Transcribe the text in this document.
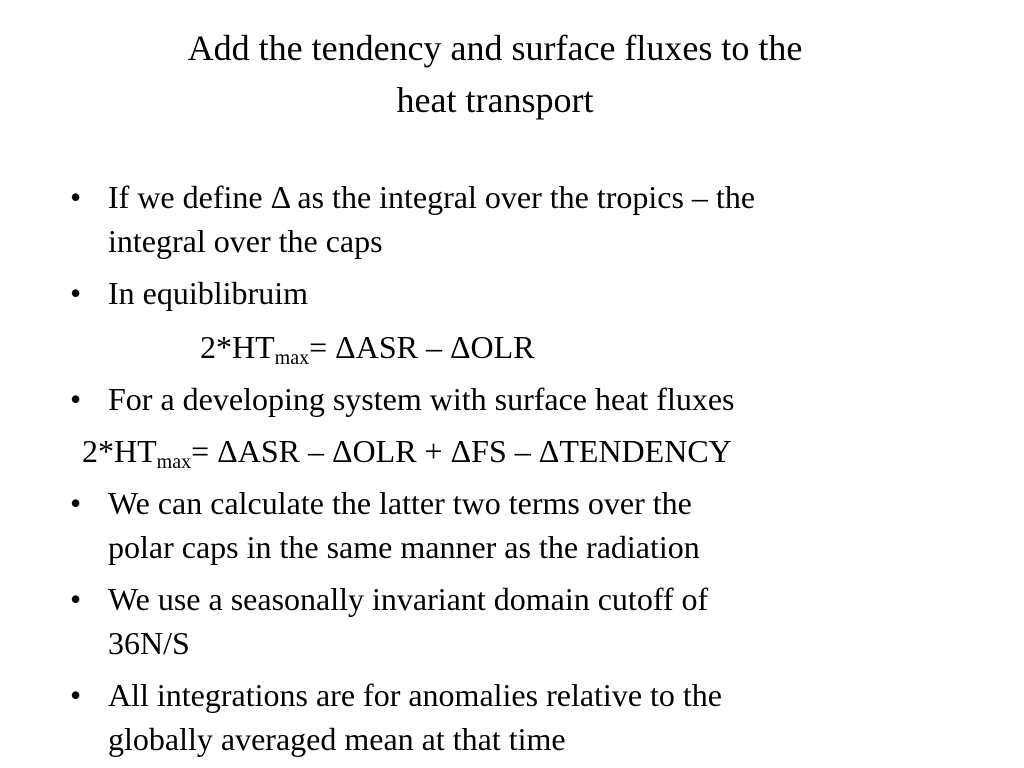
Add the tendency and surface fluxes to the
heat transport
• If we define Δ as the integral over the tropics – the
integral over the caps
• In equiblibruim
$2*HT_{max}= \Delta ASR - \Delta OLR$
• For a developing system with surface heat fluxes
$2*HT_{max}= \Delta ASR - \Delta OLR + \Delta FS$ – ΔTENDENCY
• We can calculate the latter two terms over the
polar caps in the same manner as the radiation
• We use a seasonally invariant domain cutoff of
36N/S
• All integrations are for anomalies relative to the
globally averaged mean at that time
